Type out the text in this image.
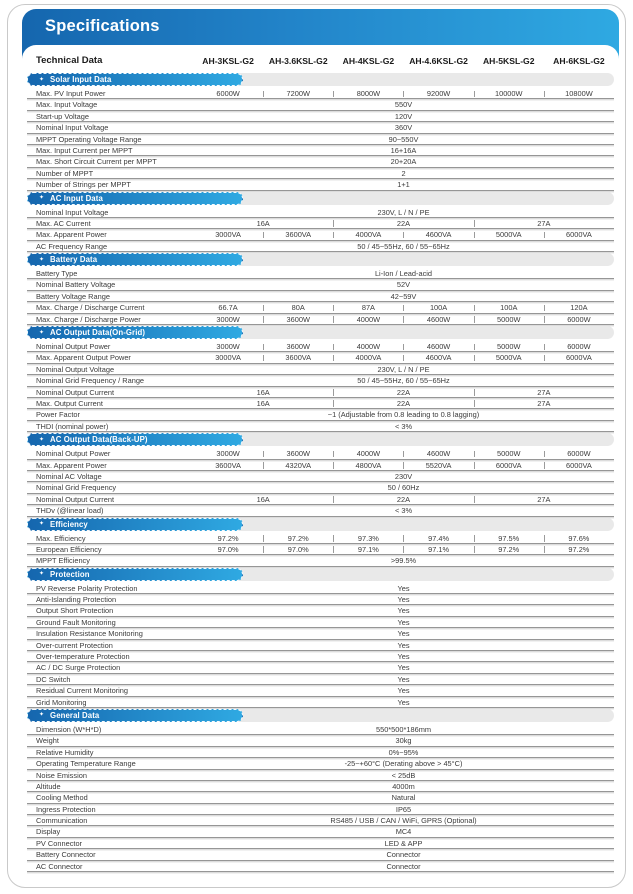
Specifications
Technical Data	AH-3KSL-G2	AH-3.6KSL-G2	AH-4KSL-G2	AH-4.6KSL-G2	AH-5KSL-G2	AH-6KSL-G2
✦ Solar Input Data
Max. PV Input Power	6000W	7200W	8000W	9200W	10000W	10800W
Max. Input Voltage	550V
Start-up Voltage	120V
Nominal Input Voltage	360V
MPPT Operating Voltage Range	90~550V
Max. Input Current per MPPT	16+16A
Max. Short Circuit Current per MPPT	20+20A
Number of MPPT	2
Number of Strings per MPPT	1+1
✦ AC Input Data
Nominal Input Voltage	230V, L / N / PE
Max. AC Current	16A	22A	27A
Max. Apparent Power	3000VA	3600VA	4000VA	4600VA	5000VA	6000VA
AC Frequency Range	50 / 45~55Hz, 60 / 55~65Hz
✦ Battery Data
Battery Type	Li-Ion / Lead-acid
Nominal Battery Voltage	52V
Battery Voltage Range	42~59V
Max. Charge / Discharge Current	66.7A	80A	87A	100A	100A	120A
Max. Charge / Discharge Power	3000W	3600W	4000W	4600W	5000W	6000W
✦ AC Output Data(On-Grid)
Nominal Output Power	3000W	3600W	4000W	4600W	5000W	6000W
Max. Apparent Output Power	3000VA	3600VA	4000VA	4600VA	5000VA	6000VA
Nominal Output Voltage	230V, L / N / PE
Nominal Grid Frequency / Range	50 / 45~55Hz, 60 / 55~65Hz
Nominal Output Current	16A	22A	27A
Max. Output Current	16A	22A	27A
Power Factor	~1 (Adjustable from 0.8 leading to 0.8 lagging)
THDI (nominal power)	< 3%
✦ AC Output Data(Back-UP)
Nominal Output Power	3000W	3600W	4000W	4600W	5000W	6000W
Max. Apparent Power	3600VA	4320VA	4800VA	5520VA	6000VA	6000VA
Nominal AC Voltage	230V
Nominal Grid Frequency	50 / 60Hz
Nominal Output Current	16A	22A	27A
THDv (@linear load)	< 3%
✦ Efficiency
Max. Efficiency	97.2%	97.2%	97.3%	97.4%	97.5%	97.6%
European Efficiency	97.0%	97.0%	97.1%	97.1%	97.2%	97.2%
MPPT Efficiency	>99.5%
✦ Protection
PV Reverse Polarity Protection	Yes
Anti-Islanding Protection	Yes
Output Short Protection	Yes
Ground Fault Monitoring	Yes
Insulation Resistance Monitoring	Yes
Over-current Protection	Yes
Over-temperature Protection	Yes
AC / DC Surge Protection	Yes
DC Switch	Yes
Residual Current Monitoring	Yes
Grid Monitoring	Yes
✦ General Data
Dimension (W*H*D)	550*500*186mm
Weight	30kg
Relative Humidity	0%~95%
Operating Temperature Range	-25~+60°C (Derating above > 45°C)
Noise Emission	< 25dB
Altitude	4000m
Cooling Method	Natural
Ingress Protection	IP65
Communication	RS485 / USB / CAN / WiFi, GPRS (Optional)
Display	MC4
PV Connector	LED & APP
Battery Connector	Connector
AC Connector	Connector
